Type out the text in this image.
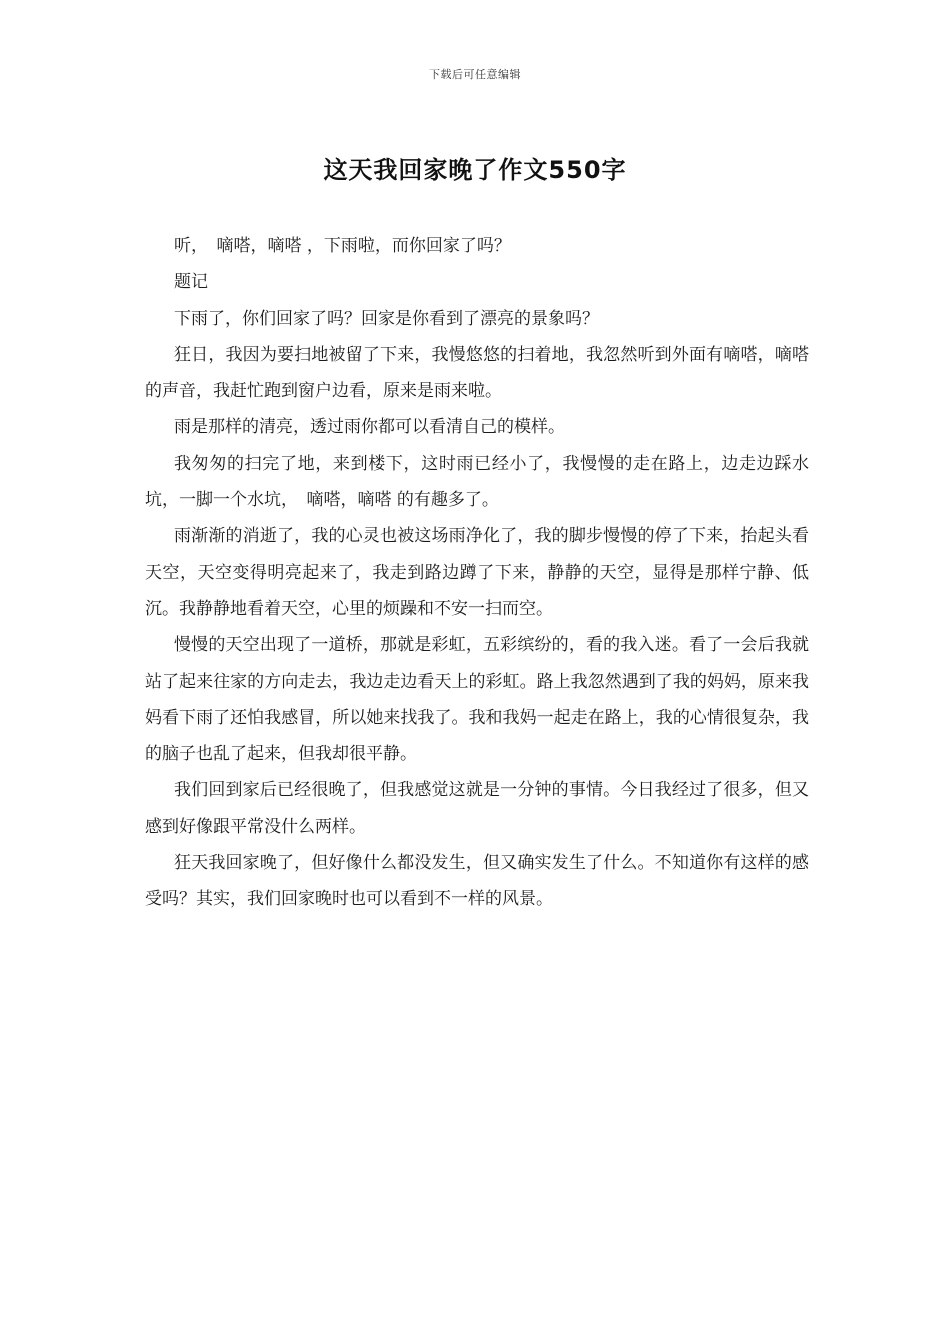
下载后可任意编辑
这天我回家晚了作文550字

听，　嘀嗒，嘀嗒 ，下雨啦，而你回家了吗？

题记

下雨了，你们回家了吗？回家是你看到了漂亮的景象吗？

狂日，我因为要扫地被留了下来，我慢悠悠的扫着地，我忽然听到外面有嘀嗒，嘀嗒 的声音，我赶忙跑到窗户边看，原来是雨来啦。

雨是那样的清亮，透过雨你都可以看清自己的模样。

我匆匆的扫完了地，来到楼下，这时雨已经小了，我慢慢的走在路上，边走边踩水坑，一脚一个水坑，　嘀嗒，嘀嗒 的有趣多了。

雨渐渐的消逝了，我的心灵也被这场雨净化了，我的脚步慢慢的停了下来，抬起头看天空，天空变得明亮起来了，我走到路边蹲了下来，静静的天空，显得是那样宁静、低沉。我静静地看着天空，心里的烦躁和不安一扫而空。

慢慢的天空出现了一道桥，那就是彩虹，五彩缤纷的，看的我入迷。看了一会后我就站了起来往家的方向走去，我边走边看天上的彩虹。路上我忽然遇到了我的妈妈，原来我妈看下雨了还怕我感冒，所以她来找我了。我和我妈一起走在路上，我的心情很复杂，我的脑子也乱了起来，但我却很平静。

我们回到家后已经很晚了，但我感觉这就是一分钟的事情。今日我经过了很多，但又感到好像跟平常没什么两样。

狂天我回家晚了，但好像什么都没发生，但又确实发生了什么。不知道你有这样的感受吗？其实，我们回家晚时也可以看到不一样的风景。
